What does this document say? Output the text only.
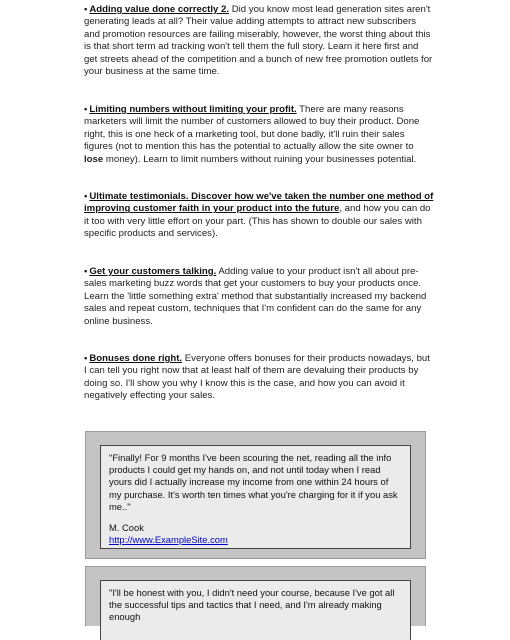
• Adding value done correctly 2. Did you know most lead generation sites aren't generating leads at all? Their value adding attempts to attract new subscribers and promotion resources are failing miserably, however, the worst thing about this is that short term ad tracking won't tell them the full story. Learn it here first and get streets ahead of the competition and a bunch of new free promotion outlets for your business at the same time.
• Limiting numbers without limiting your profit. There are many reasons marketers will limit the number of customers allowed to buy their product. Done right, this is one heck of a marketing tool, but done badly, it'll ruin their sales figures (not to mention this has the potential to actually allow the site owner to lose money). Learn to limit numbers without ruining your businesses potential.
• Ultimate testimonials. Discover how we've taken the number one method of improving customer faith in your product into the future, and how you can do it too with very little effort on your part. (This has shown to double our sales with specific products and services).
• Get your customers talking. Adding value to your product isn't all about pre-sales marketing buzz words that get your customers to buy your products once. Learn the 'little something extra' method that substantially increased my backend sales and repeat custom, techniques that I'm confident can do the same for any online business.
• Bonuses done right. Everyone offers bonuses for their products nowadays, but I can tell you right now that at least half of them are devaluing their products by doing so. I'll show you why I know this is the case, and how you can avoid it negatively effecting your sales.
"Finally! For 9 months I've been scouring the net, reading all the info products I could get my hands on, and not until today when I read yours did I actually increase my income from one within 24 hours of my purchase. It's worth ten times what you're charging for it if you ask me.."
M. Cook
http://www.ExampleSite.com
"I'll be honest with you, I didn't need your course, because I've got all the successful tips and tactics that I need, and I'm already making enough
